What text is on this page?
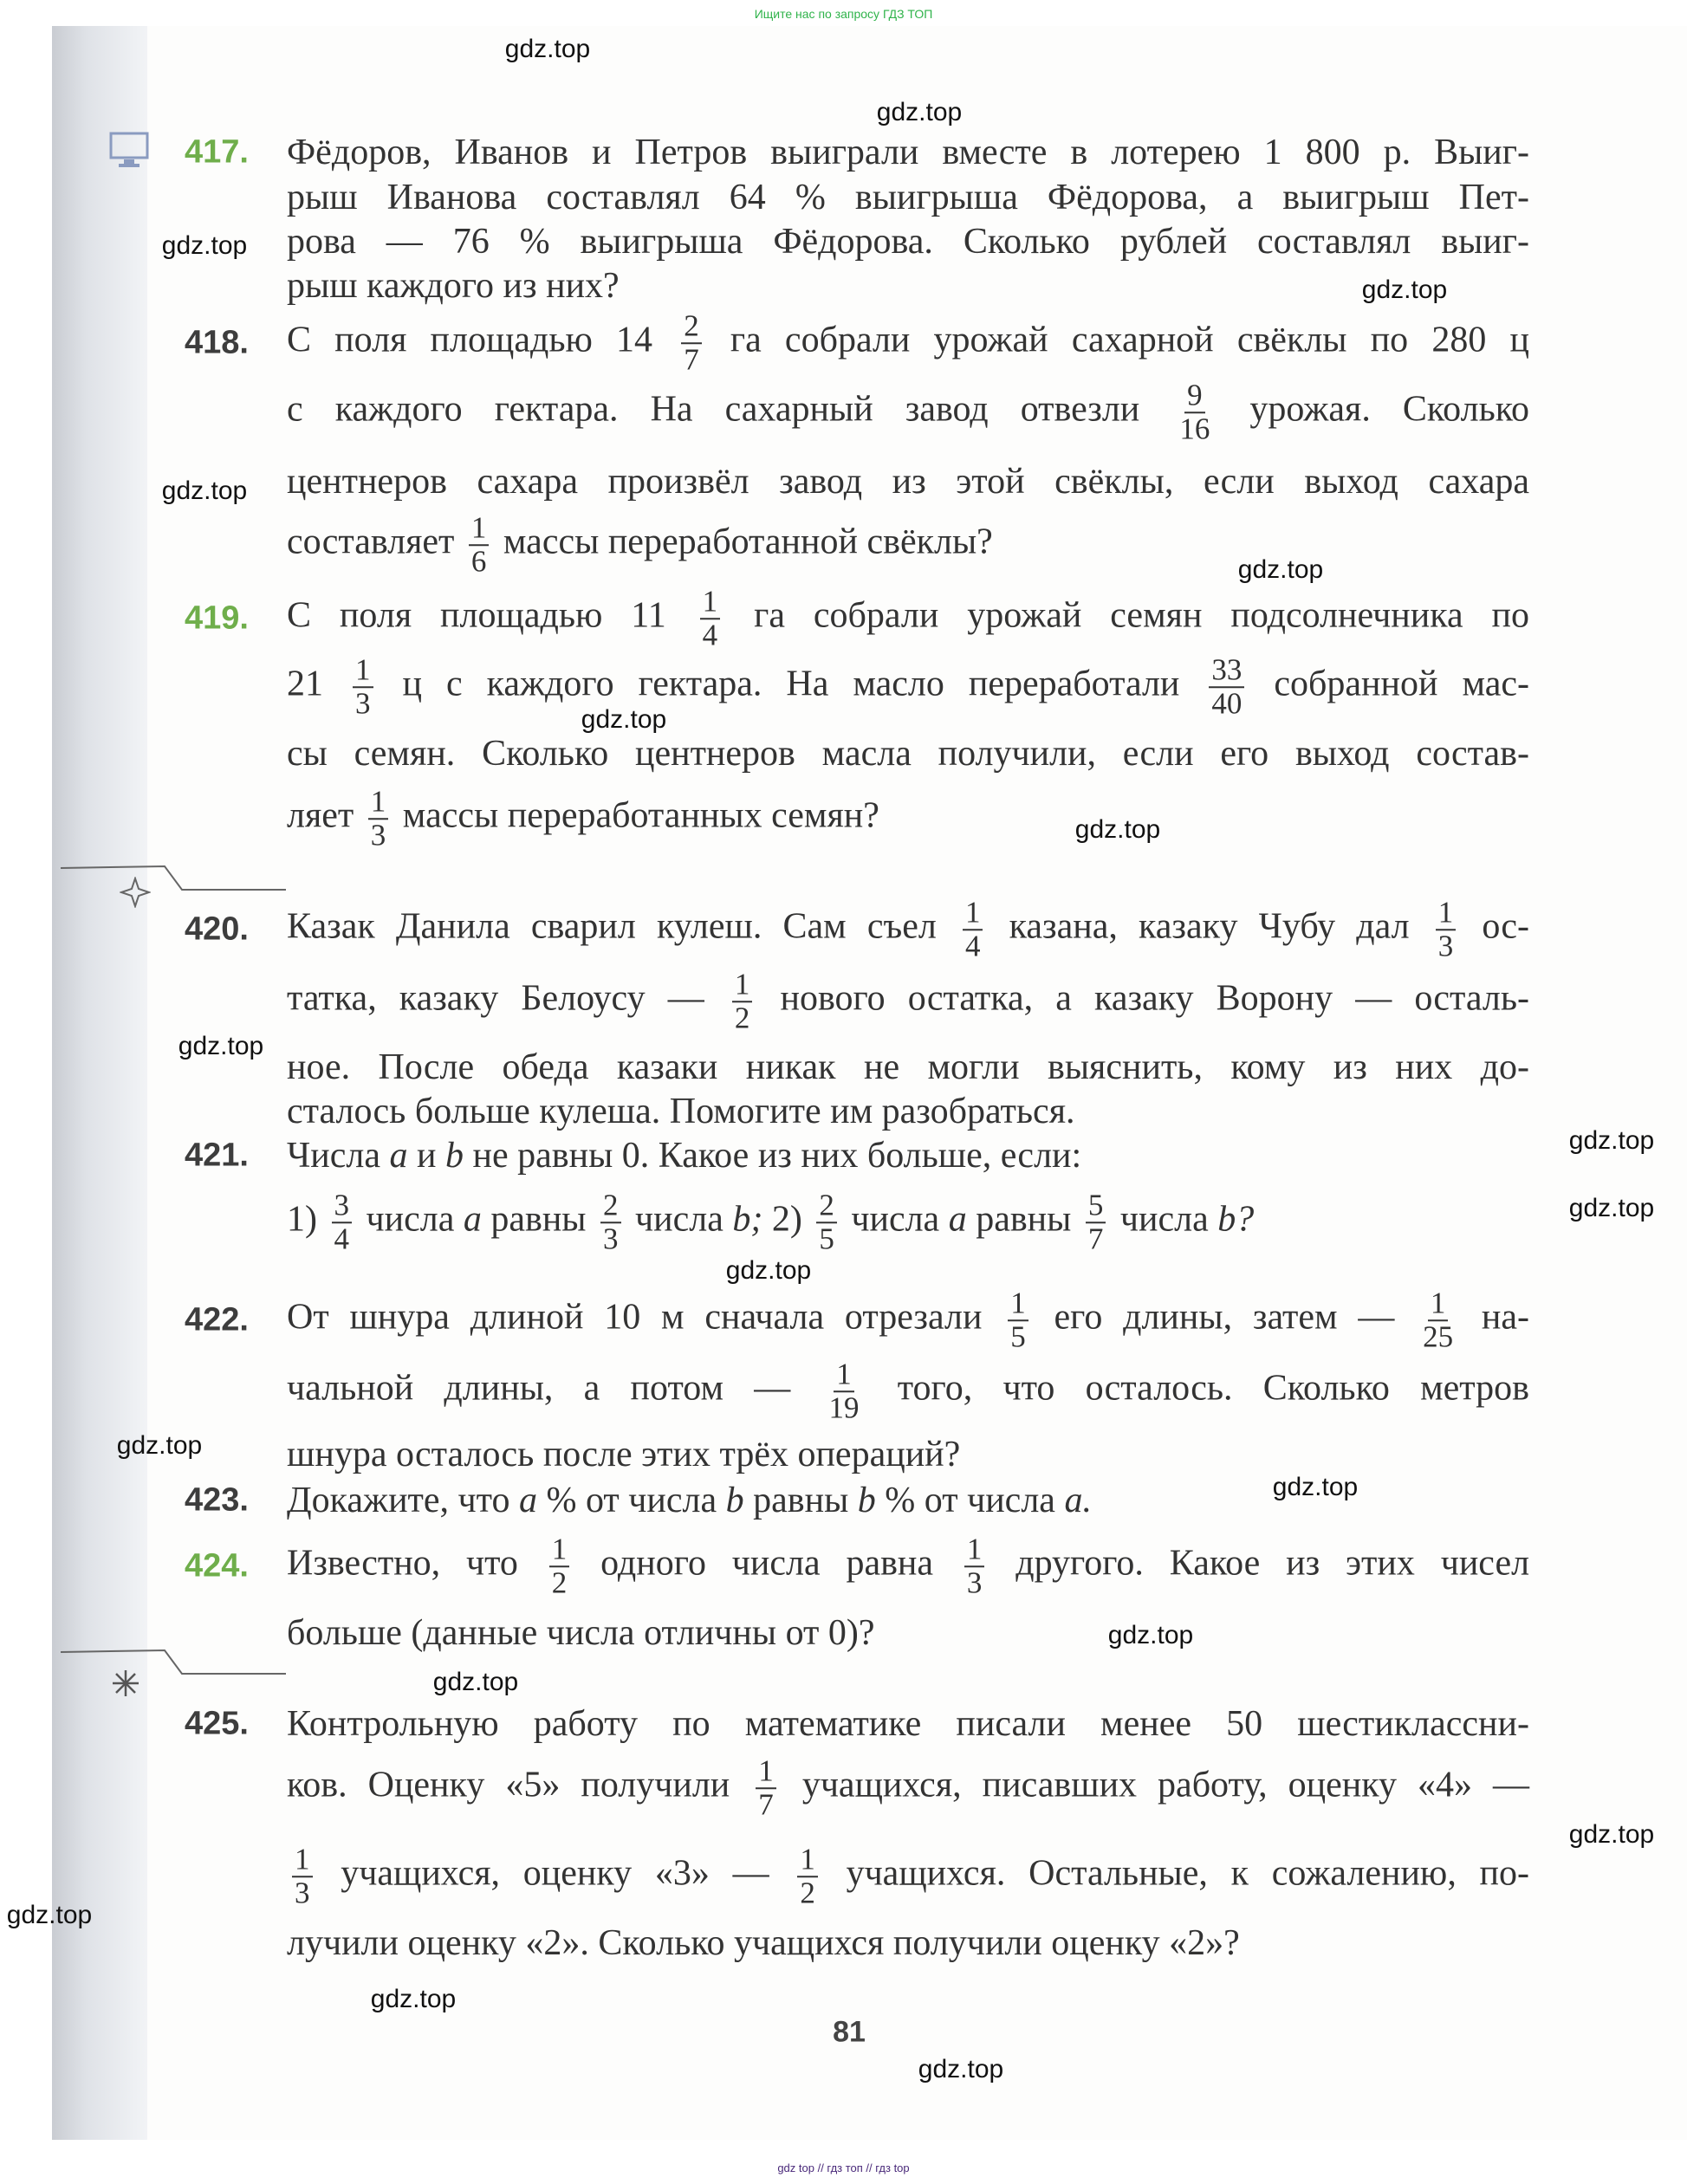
Ищите нас по запросу ГДЗ ТОП
417. Фёдоров, Иванов и Петров выиграли вместе в лотерею 1 800 р. Выиг-
рыш Иванова составлял 64 % выигрыша Фёдорова, а выигрыш Пет-
рова — 76 % выигрыша Фёдорова. Сколько рублей составлял выиг-
рыш каждого из них?
418. С поля площадью $14 \frac{2}{7}$ га собрали урожай сахарной свёклы по 280 ц
с каждого гектара. На сахарный завод отвезли $\frac{9}{16}$ урожая. Сколько
центнеров сахара произвёл завод из этой свёклы, если выход сахара
составляет $\frac{1}{6}$ массы переработанной свёклы?
419. С поля площадью $11 \frac{1}{4}$ га собрали урожай семян подсолнечника по
$21 \frac{1}{3}$ ц с каждого гектара. На масло переработали $\frac{33}{40}$ собранной мас-
сы семян. Сколько центнеров масла получили, если его выход состав-
ляет $\frac{1}{3}$ массы переработанных семян?
420. Казак Данила сварил кулеш. Сам съел $\frac{1}{4}$ казана, казаку Чубу дал $\frac{1}{3} ос-$
татка, казаку Белоусу — $\frac{1}{2}$ нового остатка, а казаку Ворону — осталь-
ное. После обеда казаки никак не могли выяснить, кому из них до-
сталось больше кулеша. Помогите им разобраться.
421. Числа a и b не равны 0. Какое из них больше, если:
$1) \frac{3}{4}$ числа a равны $\frac{2}{3}$ числа b; $2) \frac{2}{5}$ числа a равны $\frac{5}{7}$ числа b?
422. От шнура длиной 10 м сначала отрезали $\frac{1}{5}$ его длины, затем — $\frac{1}{25} на-$
чальной длины, а потом — $\frac{1}{19}$ того, что осталось. Сколько метров
шнура осталось после этих трёх операций?
423. Докажите, что a % от числа b равны b % от числа a.
424. Известно, что $\frac{1}{2}$ одного числа равна $\frac{1}{3}$ другого. Какое из этих чисел
больше (данные числа отличны от 0)?
425. Контрольную работу по математике писали менее 50 шестиклассни-
ков. Оценку «5» получили $\frac{1}{7}$ учащихся, писавших работу, оценку «4» —
$\frac{1}{3}$ учащихся, оценку «3» — $\frac{1}{2}$ учащихся. Остальные, к сожалению, по-
лучили оценку «2». Сколько учащихся получили оценку «2»?
81
gdz.top
gdz.top
gdz.top
gdz.top
gdz.top
gdz.top
gdz.top
gdz.top
gdz.top
gdz.top
gdz.top
gdz.top
gdz.top
gdz.top
gdz.top
gdz.top
gdz.top
gdz.top
gdz.top
gdz.top
gdz top // гдз топ // гдз top
